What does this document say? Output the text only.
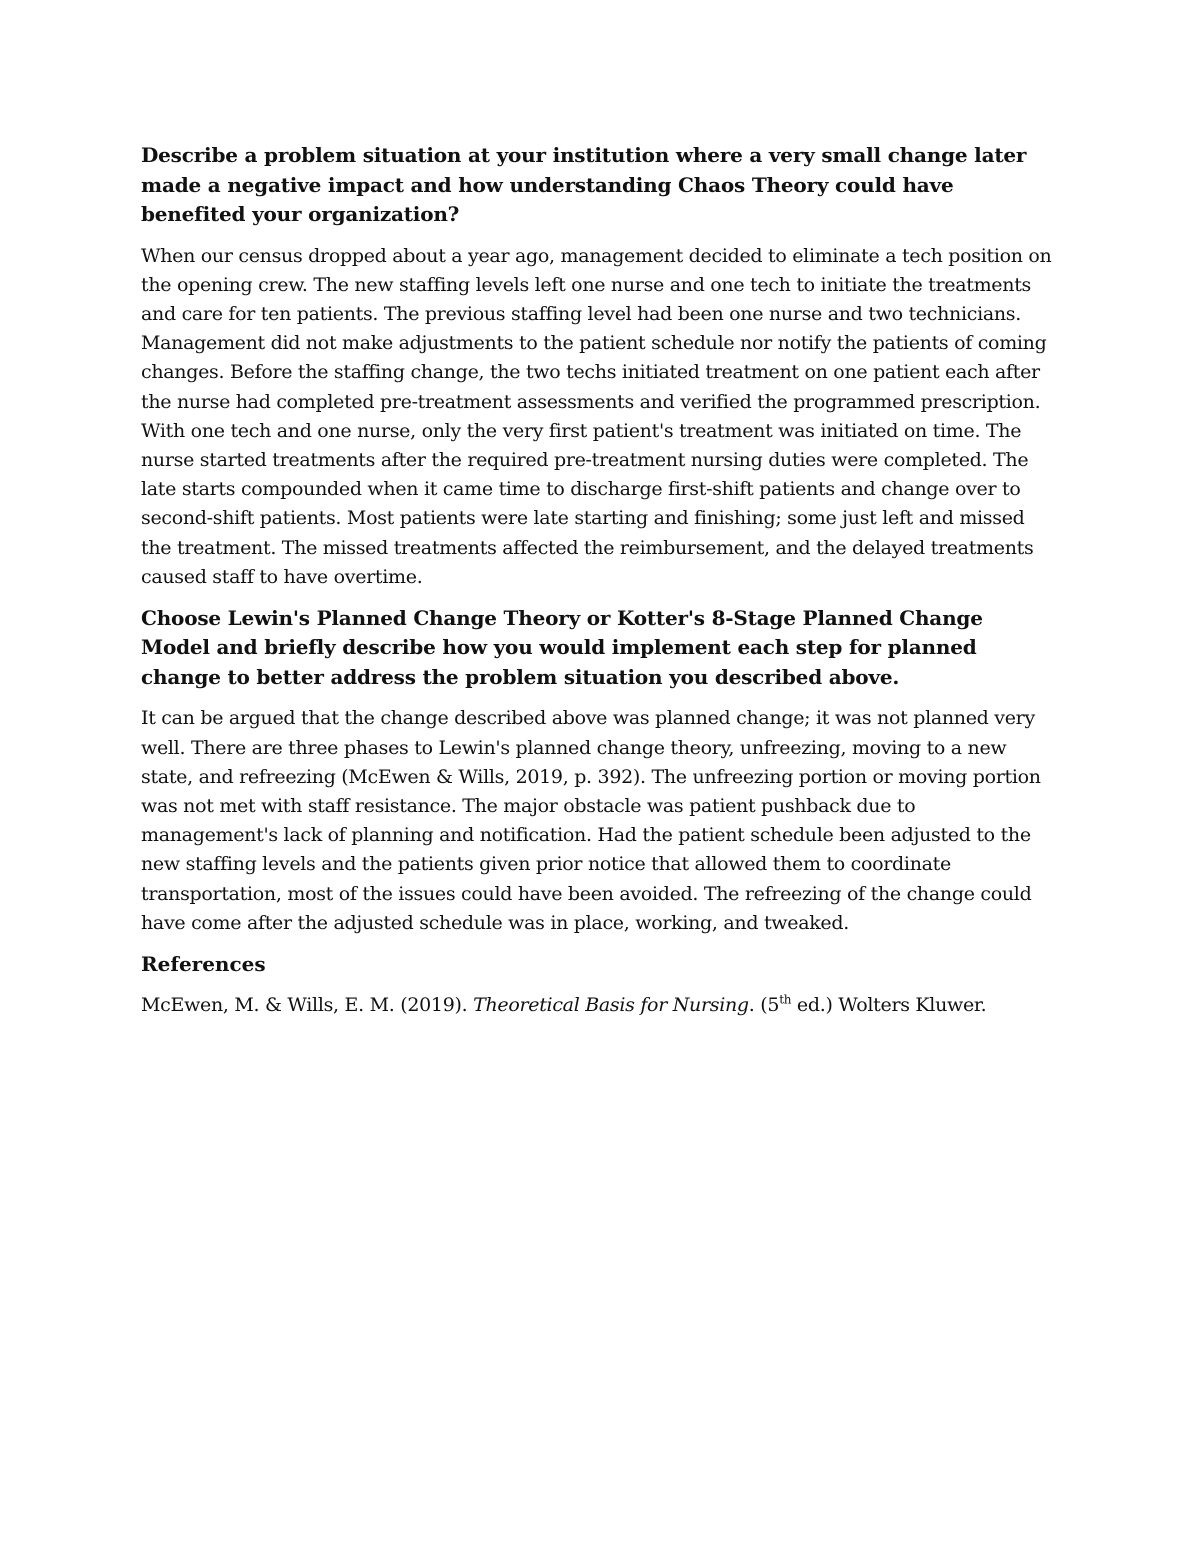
Describe a problem situation at your institution where a very small change later made a negative impact and how understanding Chaos Theory could have benefited your organization?

When our census dropped about a year ago, management decided to eliminate a tech position on the opening crew. The new staffing levels left one nurse and one tech to initiate the treatments and care for ten patients. The previous staffing level had been one nurse and two technicians. Management did not make adjustments to the patient schedule nor notify the patients of coming changes. Before the staffing change, the two techs initiated treatment on one patient each after the nurse had completed pre-treatment assessments and verified the programmed prescription. With one tech and one nurse, only the very first patient's treatment was initiated on time. The nurse started treatments after the required pre-treatment nursing duties were completed. The late starts compounded when it came time to discharge first-shift patients and change over to second-shift patients. Most patients were late starting and finishing; some just left and missed the treatment. The missed treatments affected the reimbursement, and the delayed treatments caused staff to have overtime.

Choose Lewin's Planned Change Theory or Kotter's 8-Stage Planned Change Model and briefly describe how you would implement each step for planned change to better address the problem situation you described above.

It can be argued that the change described above was planned change; it was not planned very well. There are three phases to Lewin's planned change theory, unfreezing, moving to a new state, and refreezing (McEwen & Wills, 2019, p. 392). The unfreezing portion or moving portion was not met with staff resistance. The major obstacle was patient pushback due to management's lack of planning and notification. Had the patient schedule been adjusted to the new staffing levels and the patients given prior notice that allowed them to coordinate transportation, most of the issues could have been avoided. The refreezing of the change could have come after the adjusted schedule was in place, working, and tweaked.

References

McEwen, M. & Wills, E. M. (2019). Theoretical Basis for Nursing. (5th ed.) Wolters Kluwer.
